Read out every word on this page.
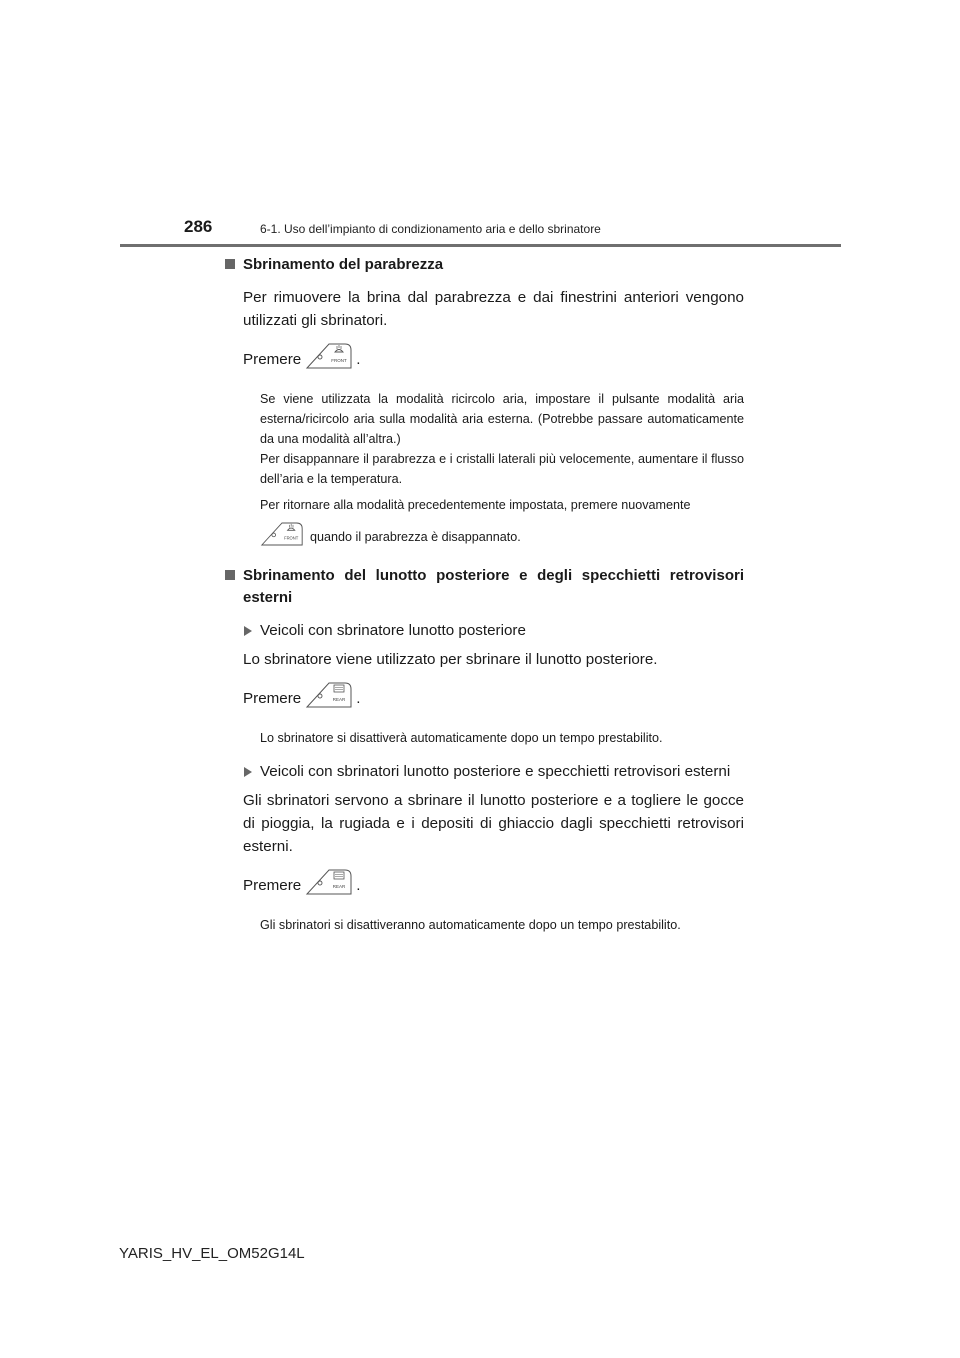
286	6-1. Uso dell’impianto di condizionamento aria e dello sbrinatore
Sbrinamento del parabrezza
Per rimuovere la brina dal parabrezza e dai finestrini anteriori vengono utilizzati gli sbrinatori.
Premere	FRONT .
Se viene utilizzata la modalità ricircolo aria, impostare il pulsante modalità aria esterna/ricircolo aria sulla modalità aria esterna. (Potrebbe passare automaticamente da una modalità all’altra.)
Per disappannare il parabrezza e i cristalli laterali più velocemente, aumentare il flusso dell’aria e la temperatura.
Per ritornare alla modalità precedentemente impostata, premere nuovamente
FRONT quando il parabrezza è disappannato.
Sbrinamento del lunotto posteriore e degli specchietti retrovisori esterni
Veicoli con sbrinatore lunotto posteriore
Lo sbrinatore viene utilizzato per sbrinare il lunotto posteriore.
Premere	REAR .
Lo sbrinatore si disattiverà automaticamente dopo un tempo prestabilito.
Veicoli con sbrinatori lunotto posteriore e specchietti retrovisori esterni
Gli sbrinatori servono a sbrinare il lunotto posteriore e a togliere le gocce di pioggia, la rugiada e i depositi di ghiaccio dagli specchietti retrovisori esterni.
Premere	REAR .
Gli sbrinatori si disattiveranno automaticamente dopo un tempo prestabilito.
YARIS_HV_EL_OM52G14L
